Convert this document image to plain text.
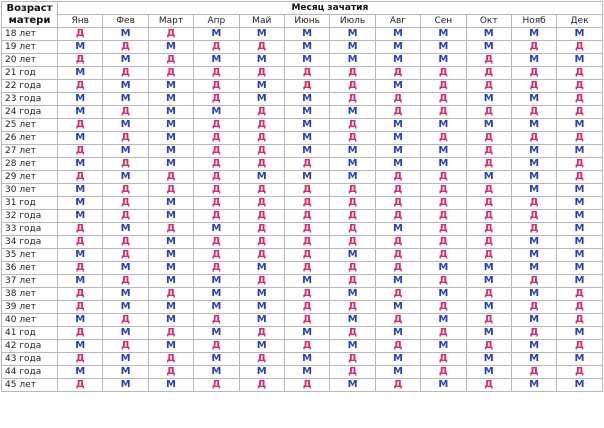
Возраст матери	Месяц зачатия											
	Янв	Фев	Март	Апр	Май	Июнь	Июль	Авг	Сен	Окт	Нояб	Дек
18 лет	Д	М	Д	М	М	М	М	М	М	М	М	М
19 лет	М	Д	М	Д	Д	М	М	М	М	М	Д	Д
20 лет	Д	М	Д	М	М	М	М	М	М	Д	М	М
21 год	М	Д	Д	Д	Д	Д	Д	Д	Д	Д	Д	Д
22 года	Д	М	М	Д	М	Д	Д	М	Д	Д	Д	Д
23 года	М	М	М	Д	М	М	Д	Д	Д	М	М	Д
24 года	М	Д	М	М	Д	М	М	Д	Д	Д	Д	Д
25 лет	Д	М	М	Д	Д	М	Д	М	М	М	М	М
26 лет	М	Д	М	Д	Д	М	Д	М	Д	Д	Д	Д
27 лет	Д	М	М	Д	Д	М	М	М	М	Д	М	М
28 лет	М	Д	М	Д	Д	Д	М	М	М	Д	М	Д
29 лет	Д	М	Д	Д	М	М	М	Д	Д	М	М	Д
30 лет	М	Д	Д	Д	Д	Д	Д	Д	Д	Д	М	М
31 год	М	Д	М	Д	Д	Д	Д	Д	Д	Д	Д	М
32 года	М	Д	М	Д	Д	Д	Д	Д	Д	Д	Д	М
33 года	Д	М	Д	М	Д	Д	Д	М	Д	Д	Д	М
34 года	Д	Д	М	Д	Д	Д	Д	Д	Д	Д	М	М
35 лет	М	Д	М	Д	Д	Д	М	Д	Д	Д	М	М
36 лет	Д	М	М	Д	М	Д	Д	Д	М	М	М	М
37 лет	М	Д	М	М	Д	М	Д	М	Д	М	Д	М
38 лет	Д	М	Д	М	М	Д	М	Д	М	Д	М	Д
39 лет	Д	М	М	М	М	Д	Д	М	Д	М	Д	Д
40 лет	М	Д	М	Д	М	Д	М	Д	М	Д	М	Д
41 год	Д	М	Д	М	Д	М	Д	М	Д	М	Д	М
42 года	М	Д	М	Д	М	Д	М	Д	М	Д	М	Д
43 года	Д	М	Д	М	Д	М	Д	М	Д	М	М	М
44 года	М	М	Д	М	М	М	Д	М	Д	М	Д	Д
45 лет	Д	М	М	Д	Д	Д	М	Д	М	Д	М	М
